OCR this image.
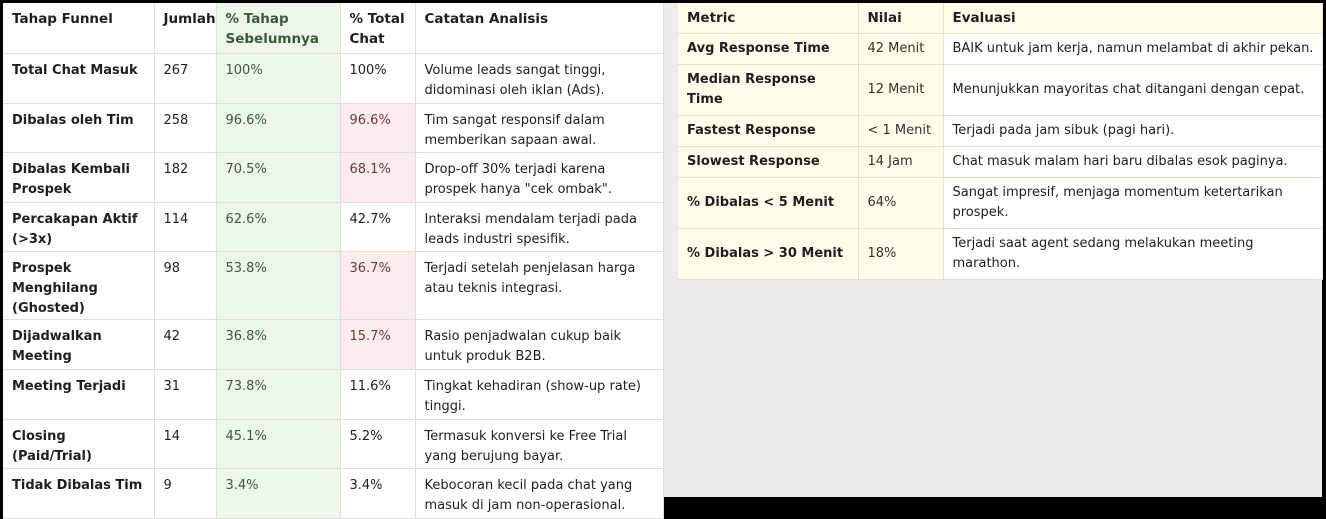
Tahap Funnel	Jumlah	% Tahap Sebelumnya	% Total Chat	Catatan Analisis
Total Chat Masuk	267	100%	100%	Volume leads sangat tinggi, didominasi oleh iklan (Ads).
Dibalas oleh Tim	258	96.6%	96.6%	Tim sangat responsif dalam memberikan sapaan awal.
Dibalas Kembali Prospek	182	70.5%	68.1%	Drop-off 30% terjadi karena prospek hanya "cek ombak".
Percakapan Aktif (>3x)	114	62.6%	42.7%	Interaksi mendalam terjadi pada leads industri spesifik.
Prospek Menghilang (Ghosted)	98	53.8%	36.7%	Terjadi setelah penjelasan harga atau teknis integrasi.
Dijadwalkan Meeting	42	36.8%	15.7%	Rasio penjadwalan cukup baik untuk produk B2B.
Meeting Terjadi	31	73.8%	11.6%	Tingkat kehadiran (show-up rate) tinggi.
Closing (Paid/Trial)	14	45.1%	5.2%	Termasuk konversi ke Free Trial yang berujung bayar.
Tidak Dibalas Tim	9	3.4%	3.4%	Kebocoran kecil pada chat yang masuk di jam non-operasional.
Metric	Nilai	Evaluasi
Avg Response Time	42 Menit	BAIK untuk jam kerja, namun melambat di akhir pekan.
Median Response Time	12 Menit	Menunjukkan mayoritas chat ditangani dengan cepat.
Fastest Response	< 1 Menit	Terjadi pada jam sibuk (pagi hari).
Slowest Response	14 Jam	Chat masuk malam hari baru dibalas esok paginya.
% Dibalas < 5 Menit	64%	Sangat impresif, menjaga momentum ketertarikan prospek.
% Dibalas > 30 Menit	18%	Terjadi saat agent sedang melakukan meeting marathon.
